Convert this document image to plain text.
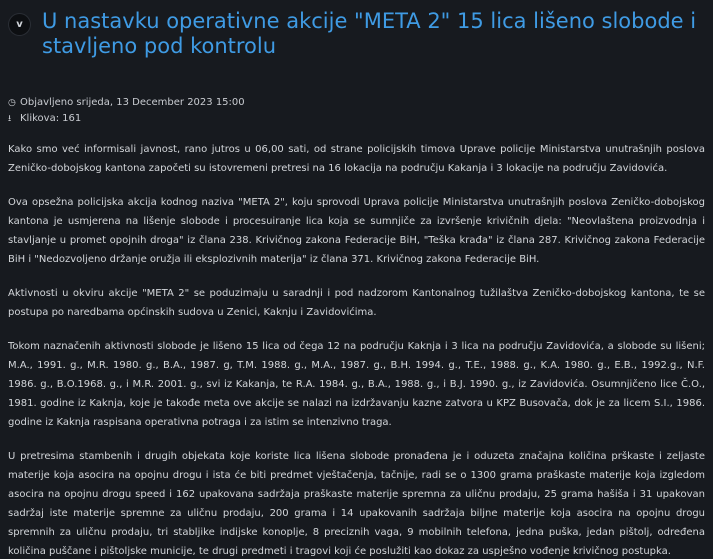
v U nastavku operativne akcije "META 2" 15 lica lišeno slobode i stavljeno pod kontrolu
◷ Objavljeno srijeda, 13 December 2023 15:00
⭳ Klikova: 161

Kako smo već informisali javnost, rano jutros u 06,00 sati, od strane policijskih timova Uprave policije Ministarstva unutrašnjih poslova Zeničko-dobojskog kantona započeti su istovremeni pretresi na 16 lokacija na području Kakanja i 3 lokacije na području Zavidovića.

Ova opsežna policijska akcija kodnog naziva "META 2", koju sprovodi Uprava policije Ministarstva unutrašnjih poslova Zeničko-dobojskog kantona je usmjerena na lišenje slobode i procesuiranje lica koja se sumnjiče za izvršenje krivičnih djela: "Neovlaštena proizvodnja i stavljanje u promet opojnih droga" iz člana 238. Krivičnog zakona Federacije BiH, "Teška krađa" iz člana 287. Krivičnog zakona Federacije BiH i "Nedozvoljeno držanje oružja ili eksplozivnih materija" iz člana 371. Krivičnog zakona Federacije BiH.

Aktivnosti u okviru akcije "META 2" se poduzimaju u saradnji i pod nadzorom Kantonalnog tužilaštva Zeničko-dobojskog kantona, te se postupa po naredbama općinskih sudova u Zenici, Kaknju i Zavidovićima.

Tokom naznačenih aktivnosti slobode je lišeno 15 lica od čega 12 na području Kaknja i 3 lica na području Zavidovića, a slobode su lišeni; M.A., 1991. g., M.R. 1980. g., B.A., 1987. g, T.M. 1988. g., M.A., 1987. g., B.H. 1994. g., T.E., 1988. g., K.A. 1980. g., E.B., 1992.g., N.F. 1986. g., B.O.1968. g., i M.R. 2001. g., svi iz Kakanja, te R.A. 1984. g., B.A., 1988. g., i B.J. 1990. g., iz Zavidovića. Osumnjičeno lice Č.O., 1981. godine iz Kaknja, koje je takođe meta ove akcije se nalazi na izdržavanju kazne zatvora u KPZ Busovača, dok je za licem S.I., 1986. godine iz Kaknja raspisana operativna potraga i za istim se intenzivno traga.

U pretresima stambenih i drugih objekata koje koriste lica lišena slobode pronađena je i oduzeta značajna količina prškaste i zeljaste materije koja asocira na opojnu drogu i ista će biti predmet vještačenja, tačnije, radi se o 1300 grama praškaste materije koja izgledom asocira na opojnu drogu speed i 162 upakovana sadržaja praškaste materije spremna za uličnu prodaju, 25 grama hašiša i 31 upakovan sadržaj iste materije spremne za uličnu prodaju, 200 grama i 14 upakovanih sadržaja biljne materije koja asocira na opojnu drogu spremnih za uličnu prodaju, tri stabljike indijske konoplje, 8 preciznih vaga, 9 mobilnih telefona, jedna puška, jedan pištolj, određena količina puščane i pištoljske municije, te drugi predmeti i tragovi koji će poslužiti kao dokaz za uspješno vođenje krivičnog postupka.
